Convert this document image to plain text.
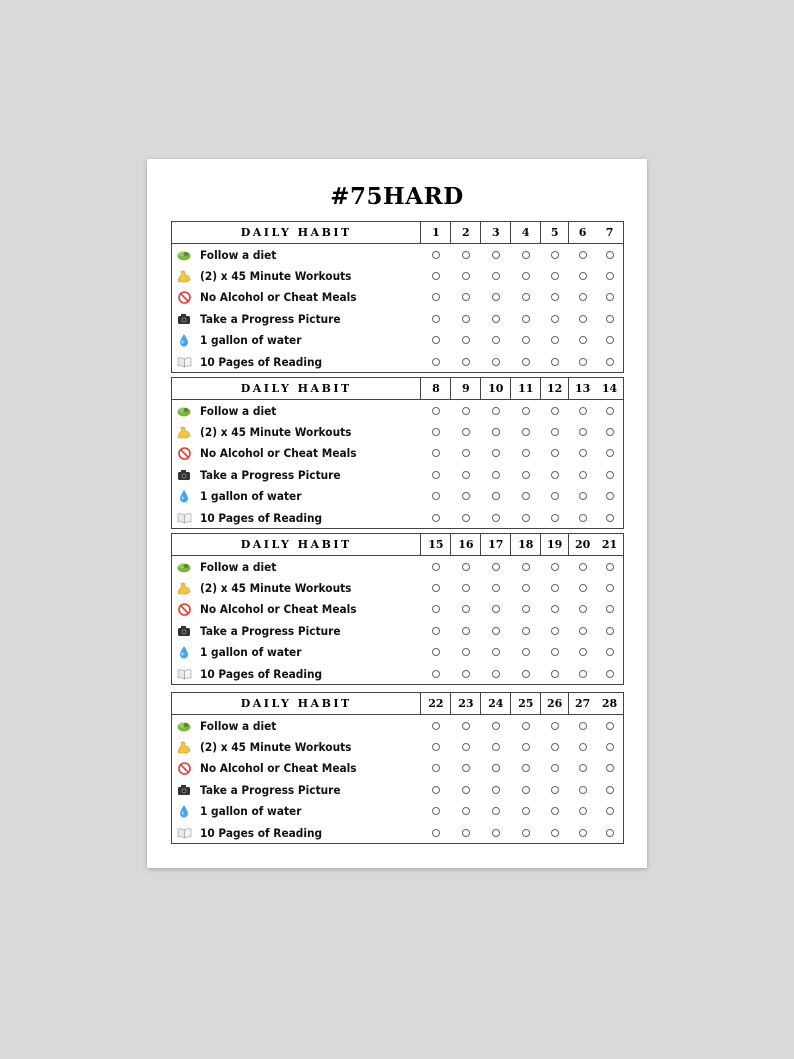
#75HARD
DAILY HABIT	1	2	3	4	5	6	7
Follow a diet
(2) x 45 Minute Workouts
No Alcohol or Cheat Meals
Take a Progress Picture
1 gallon of water
10 Pages of Reading
DAILY HABIT	8	9	10	11	12	13	14
Follow a diet
(2) x 45 Minute Workouts
No Alcohol or Cheat Meals
Take a Progress Picture
1 gallon of water
10 Pages of Reading
DAILY HABIT	15	16	17	18	19	20	21
Follow a diet
(2) x 45 Minute Workouts
No Alcohol or Cheat Meals
Take a Progress Picture
1 gallon of water
10 Pages of Reading
DAILY HABIT	22	23	24	25	26	27	28
Follow a diet
(2) x 45 Minute Workouts
No Alcohol or Cheat Meals
Take a Progress Picture
1 gallon of water
10 Pages of Reading
